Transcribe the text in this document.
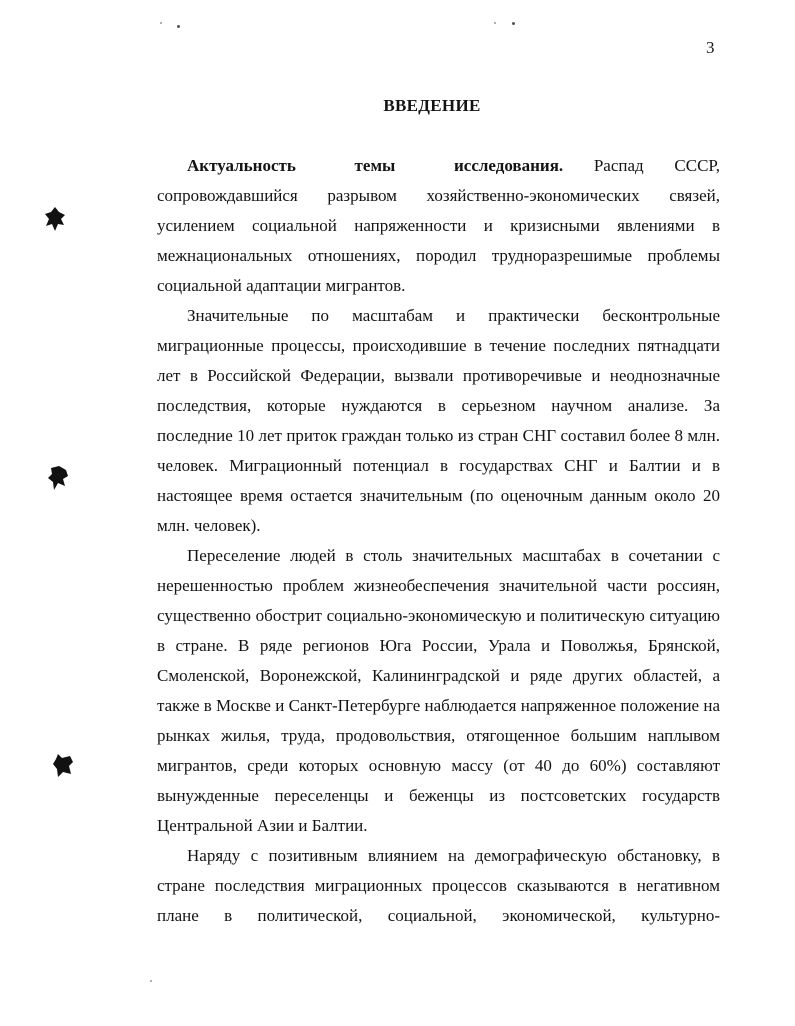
3
ВВЕДЕНИЕ

Актуальность темы исследования. Распад СССР, сопровождавшийся разрывом хозяйственно-экономических связей, усилением социальной напряженности и кризисными явлениями в межнациональных отношениях, породил трудноразрешимые проблемы социальной адаптации мигрантов.

Значительные по масштабам и практически бесконтрольные миграционные процессы, происходившие в течение последних пятнадцати лет в Российской Федерации, вызвали противоречивые и неоднозначные последствия, которые нуждаются в серьезном научном анализе. За последние 10 лет приток граждан только из стран СНГ составил более 8 млн. человек. Миграционный потенциал в государствах СНГ и Балтии и в настоящее время остается значительным (по оценочным данным около 20 млн. человек).

Переселение людей в столь значительных масштабах в сочетании с нерешенностью проблем жизнеобеспечения значительной части россиян, существенно обострит социально-экономическую и политическую ситуацию в стране. В ряде регионов Юга России, Урала и Поволжья, Брянской, Смоленской, Воронежской, Калининградской и ряде других областей, а также в Москве и Санкт-Петербурге наблюдается напряженное положение на рынках жилья, труда, продовольствия, отягощенное большим наплывом мигрантов, среди которых основную массу (от 40 до 60%) составляют вынужденные переселенцы и беженцы из постсоветских государств Центральной Азии и Балтии.

Наряду с позитивным влиянием на демографическую обстановку, в стране последствия миграционных процессов сказываются в негативном плане в политической, социальной, экономической, культурно-
